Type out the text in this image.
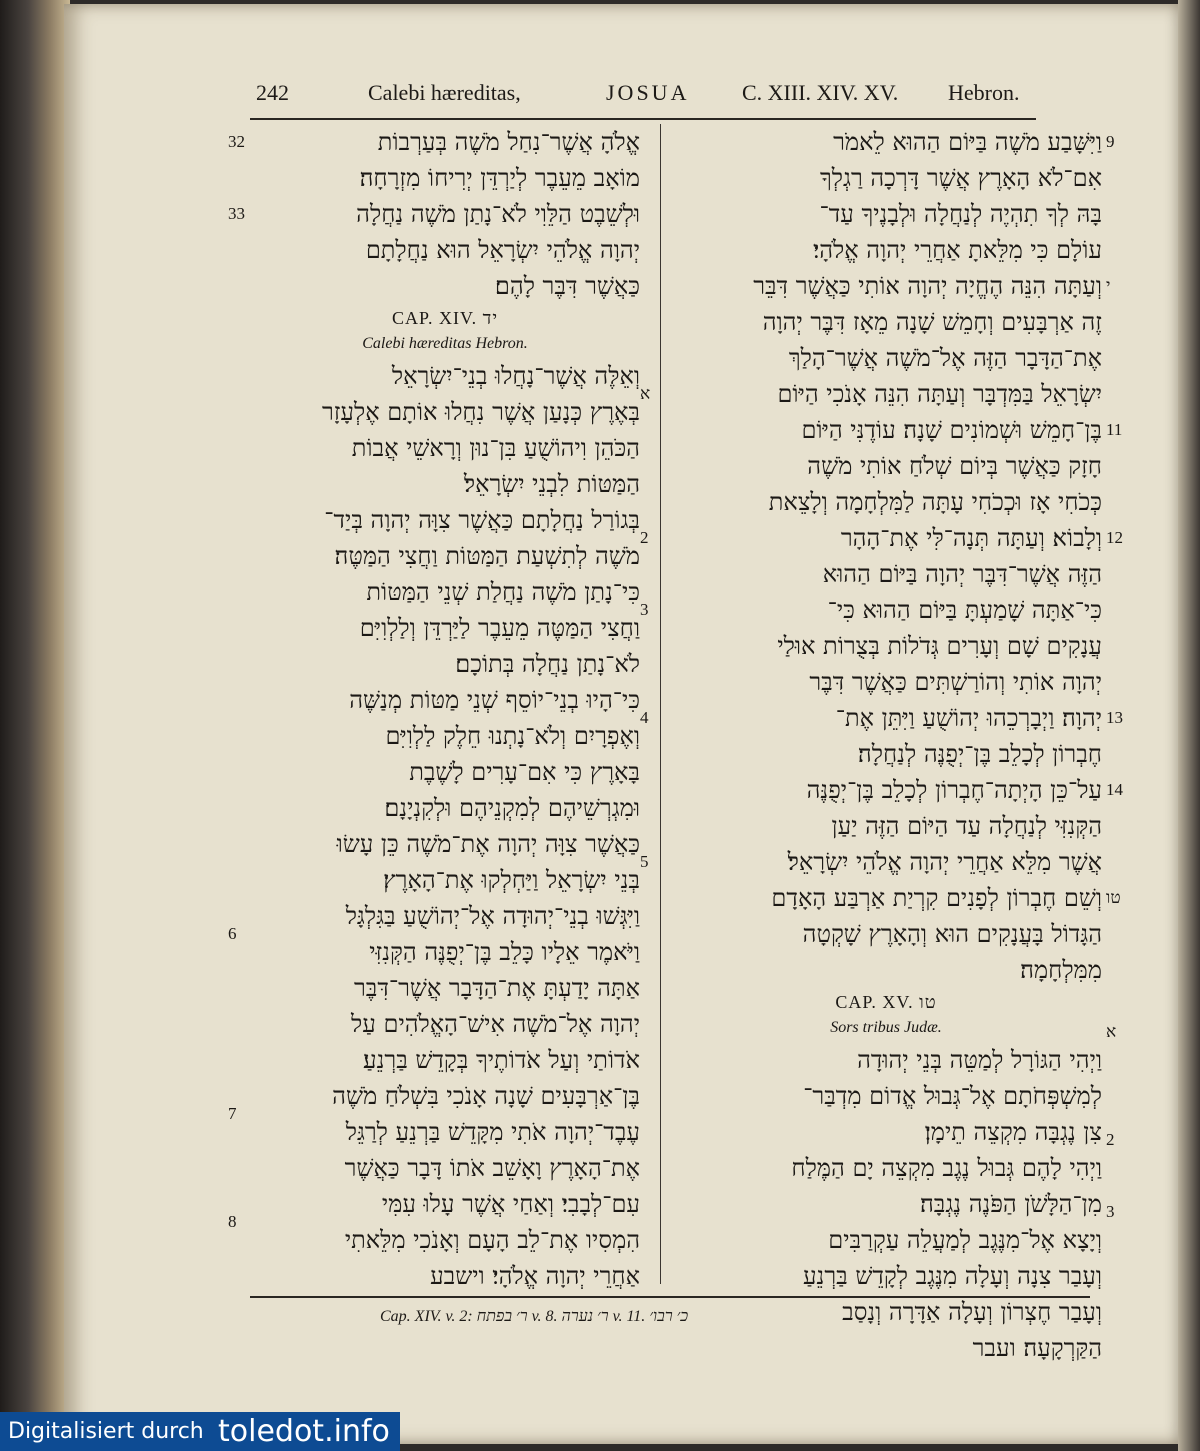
242	Calebi hæreditas,	JOSUA C. XIII. XIV. XV. Hebron.
אֱלֹהָ אֲשֶׁר־נִחַל מֹשֶׁה בְּעַרְבוֹת
מוֹאָב מֵעֵבֶר לְיַרְדֵּן יְרִיחוֹ מִזְרָחָה׃
וּלְשֵׁבֶט הַלֵּוִי לֹא־נָתַן מֹשֶׁה נַחֲלָה
יְהוָה אֱלֹהֵי יִשְׂרָאֵל הוּא נַחֲלָתָם
כַּאֲשֶׁר דִּבֶּר לָהֶם׃
CAP. XIV. יד
Calebi hæreditas Hebron.
וְאֵלֶּה אֲשֶׁר־נָחֲלוּ בְנֵי־יִשְׂרָאֵל
בְּאֶרֶץ כְּנָעַן אֲשֶׁר נִחֲלוּ אוֹתָם אֶלְעָזָר
הַכֹּהֵן וִיהוֹשֻׁעַ בִּן־נוּן וְרָאשֵׁי אֲבוֹת
הַמַּטּוֹת לִבְנֵי יִשְׂרָאֵל׃
בְּגוֹרַל נַחֲלָתָם כַּאֲשֶׁר צִוָּה יְהוָה בְּיַד־
מֹשֶׁה לְתִשְׁעַת הַמַּטּוֹת וַחֲצִי הַמַּטֶּה׃
כִּי־נָתַן מֹשֶׁה נַחֲלַת שְׁנֵי הַמַּטּוֹת
וַחֲצִי הַמַּטֶּה מֵעֵבֶר לַיַּרְדֵּן וְלַלְוִיִּם
לֹא־נָתַן נַחֲלָה בְּתוֹכָם׃
כִּי־הָיוּ בְנֵי־יוֹסֵף שְׁנֵי מַטּוֹת מְנַשֶּׁה
וְאֶפְרָיִם וְלֹא־נָתְנוּ חֵלֶק לַלְוִיִּם
בָּאָרֶץ כִּי אִם־עָרִים לָשֶׁבֶת
וּמִגְרְשֵׁיהֶם לְמִקְנֵיהֶם וּלְקִנְיָנָם׃
כַּאֲשֶׁר צִוָּה יְהוָה אֶת־מֹשֶׁה כֵּן עָשׂוּ
בְּנֵי יִשְׂרָאֵל וַיַּחְלְקוּ אֶת־הָאָרֶץ׃
וַיִּגְּשׁוּ בְנֵי־יְהוּדָה אֶל־יְהוֹשֻׁעַ בַּגִּלְגָּל
וַיֹּאמֶר אֵלָיו כָּלֵב בֶּן־יְפֻנֶּה הַקְּנִזִּי
אַתָּה יָדַעְתָּ אֶת־הַדָּבָר אֲשֶׁר־דִּבֶּר
יְהוָה אֶל־מֹשֶׁה אִישׁ־הָאֱלֹהִים עַל
אֹדוֹתַי וְעַל אֹדוֹתֶיךָ בְּקָדֵשׁ בַּרְנֵעַ׃
בֶּן־אַרְבָּעִים שָׁנָה אָנֹכִי בִּשְׁלֹחַ מֹשֶׁה
עֶבֶד־יְהוָה אֹתִי מִקָּדֵשׁ בַּרְנֵעַ לְרַגֵּל
אֶת־הָאָרֶץ וָאָשֵׁב אֹתוֹ דָּבָר כַּאֲשֶׁר
עִם־לְבָבִי׃ וְאַחַי אֲשֶׁר עָלוּ עִמִּי
הִמְסִיו אֶת־לֵב הָעָם וְאָנֹכִי מִלֵּאתִי
אַחֲרֵי יְהוָה אֱלֹהָי׃ וישבע
וַיִּשָּׁבַע מֹשֶׁה בַּיּוֹם הַהוּא לֵאמֹר
אִם־לֹא הָאָרֶץ אֲשֶׁר דָּרְכָה רַגְלְךָ
בָּהּ לְךָ תִהְיֶה לְנַחֲלָה וּלְבָנֶיךָ עַד־
עוֹלָם כִּי מִלֵּאתָ אַחֲרֵי יְהוָה אֱלֹהָי׃
וְעַתָּה הִנֵּה הֶחֱיָה יְהוָה אוֹתִי כַּאֲשֶׁר דִּבֵּר
זֶה אַרְבָּעִים וְחָמֵשׁ שָׁנָה מֵאָז דִּבֶּר יְהוָה
אֶת־הַדָּבָר הַזֶּה אֶל־מֹשֶׁה אֲשֶׁר־הָלַךְ
יִשְׂרָאֵל בַּמִּדְבָּר וְעַתָּה הִנֵּה אָנֹכִי הַיּוֹם
בֶּן־חָמֵשׁ וּשְׁמוֹנִים שָׁנָה׃ עוֹדֶנִּי הַיּוֹם
חָזָק כַּאֲשֶׁר בְּיוֹם שְׁלֹחַ אוֹתִי מֹשֶׁה
כְּכֹחִי אָז וּכְכֹחִי עָתָּה לַמִּלְחָמָה וְלָצֵאת
וְלָבוֹא׃ וְעַתָּה תְּנָה־לִּי אֶת־הָהָר
הַזֶּה אֲשֶׁר־דִּבֶּר יְהוָה בַּיּוֹם הַהוּא
כִּי־אַתָּה שָׁמַעְתָּ בַּיּוֹם הַהוּא כִּי־
עֲנָקִים שָׁם וְעָרִים גְּדֹלוֹת בְּצֻרוֹת אוּלַי
יְהוָה אוֹתִי וְהוֹרַשְׁתִּים כַּאֲשֶׁר דִּבֶּר
יְהוָה׃ וַיְבָרְכֵהוּ יְהוֹשֻׁעַ וַיִּתֵּן אֶת־
חֶבְרוֹן לְכָלֵב בֶּן־יְפֻנֶּה לְנַחֲלָה׃
עַל־כֵּן הָיְתָה־חֶבְרוֹן לְכָלֵב בֶּן־יְפֻנֶּה
הַקְּנִזִּי לְנַחֲלָה עַד הַיּוֹם הַזֶּה יַעַן
אֲשֶׁר מִלֵּא אַחֲרֵי יְהוָה אֱלֹהֵי יִשְׂרָאֵל׃
וְשֵׁם חֶבְרוֹן לְפָנִים קִרְיַת אַרְבַּע הָאָדָם
הַגָּדוֹל בָּעֲנָקִים הוּא וְהָאָרֶץ שָׁקְטָה
מִמִּלְחָמָה׃
CAP. XV. טו
Sors tribus Judæ.
וַיְהִי הַגּוֹרָל לְמַטֵּה בְּנֵי יְהוּדָה
לְמִשְׁפְּחֹתָם אֶל־גְּבוּל אֱדוֹם מִדְבַּר־
צִן נֶגְבָּה מִקְצֵה תֵימָן׃
וַיְהִי לָהֶם גְּבוּל נֶגֶב מִקְצֵה יָם הַמֶּלַח
מִן־הַלָּשֹׁן הַפֹּנֶה נֶגְבָּה׃
וְיָצָא אֶל־מִנֶּגֶב לְמַעֲלֵה עַקְרַבִּים
וְעָבַר צִנָה וְעָלָה מִנֶּגֶב לְקָדֵשׁ בַּרְנֵעַ
וְעָבַר חֶצְרוֹן וְעָלָה אַדָּרָה וְנָסַב
הַקַּרְקָעָה׃ ועבר
32
33
א
2
3
4
5
6
7
8
9
י
11
12
13
14
טו
א
2
3
Cap. XIV. v. 2: ר׳ בפתח v. 8. ר׳ נערה v. 11. כ׳ רבו׳
Digitalisiert durch toledot.info
